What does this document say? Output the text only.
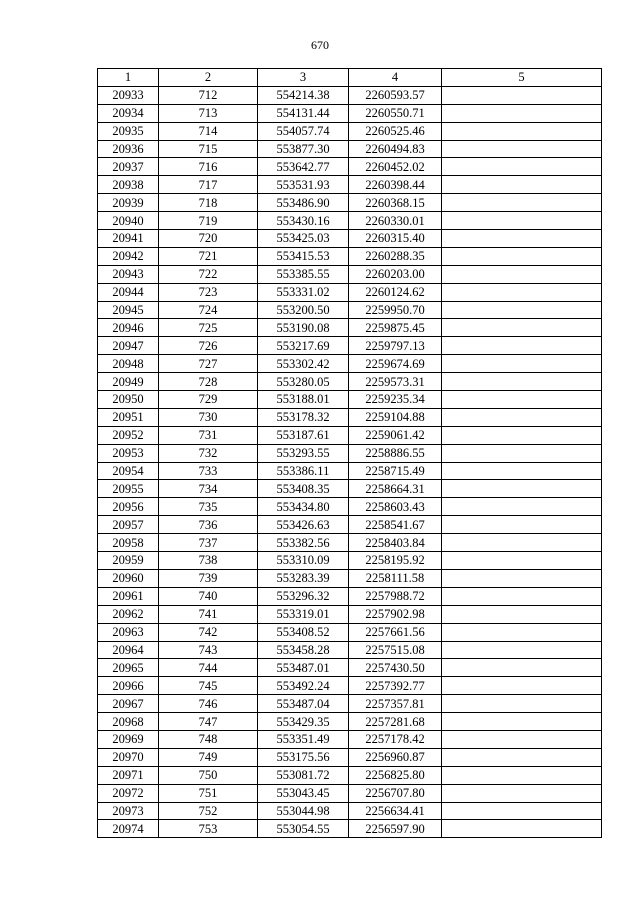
670
1	2	3	4	5
20933	712	554214.38	2260593.57	
20934	713	554131.44	2260550.71	
20935	714	554057.74	2260525.46	
20936	715	553877.30	2260494.83	
20937	716	553642.77	2260452.02	
20938	717	553531.93	2260398.44	
20939	718	553486.90	2260368.15	
20940	719	553430.16	2260330.01	
20941	720	553425.03	2260315.40	
20942	721	553415.53	2260288.35	
20943	722	553385.55	2260203.00	
20944	723	553331.02	2260124.62	
20945	724	553200.50	2259950.70	
20946	725	553190.08	2259875.45	
20947	726	553217.69	2259797.13	
20948	727	553302.42	2259674.69	
20949	728	553280.05	2259573.31	
20950	729	553188.01	2259235.34	
20951	730	553178.32	2259104.88	
20952	731	553187.61	2259061.42	
20953	732	553293.55	2258886.55	
20954	733	553386.11	2258715.49	
20955	734	553408.35	2258664.31	
20956	735	553434.80	2258603.43	
20957	736	553426.63	2258541.67	
20958	737	553382.56	2258403.84	
20959	738	553310.09	2258195.92	
20960	739	553283.39	2258111.58	
20961	740	553296.32	2257988.72	
20962	741	553319.01	2257902.98	
20963	742	553408.52	2257661.56	
20964	743	553458.28	2257515.08	
20965	744	553487.01	2257430.50	
20966	745	553492.24	2257392.77	
20967	746	553487.04	2257357.81	
20968	747	553429.35	2257281.68	
20969	748	553351.49	2257178.42	
20970	749	553175.56	2256960.87	
20971	750	553081.72	2256825.80	
20972	751	553043.45	2256707.80	
20973	752	553044.98	2256634.41	
20974	753	553054.55	2256597.90	
